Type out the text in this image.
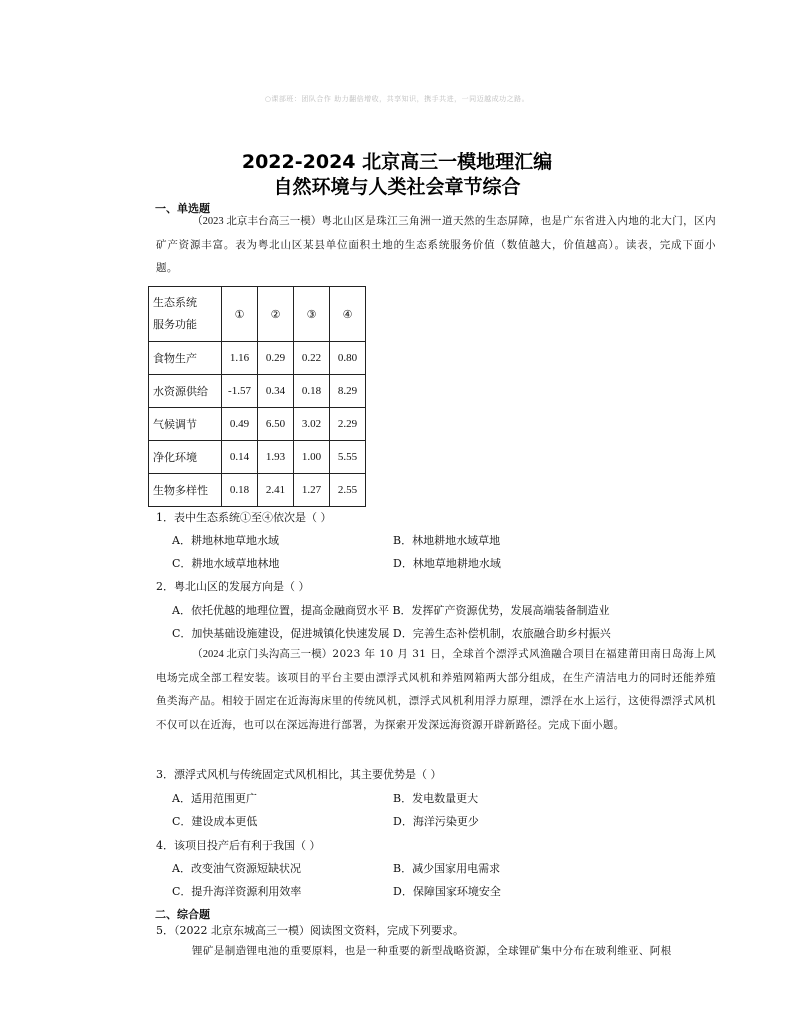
○课部班：团队合作 助力翻倍增收，共享知识，携手共进，一同迈越成功之路。
2022-2024 北京高三一模地理汇编
自然环境与人类社会章节综合
一、单选题
（2023 北京丰台高三一模）粤北山区是珠江三角洲一道天然的生态屏障，也是广东省进入内地的北大门，区内矿产资源丰富。表为粤北山区某县单位面积土地的生态系统服务价值（数值越大，价值越高）。读表，完成下面小题。
生态系统
服务功能	①	②	③	④
食物生产	1.16	0.29	0.22	0.80
水资源供给	-1.57	0.34	0.18	8.29
气候调节	0.49	6.50	3.02	2.29
净化环境	0.14	1.93	1.00	5.55
生物多样性	0.18	2.41	1.27	2.55
1．表中生态系统①至④依次是（ ）
A．耕地林地草地水域	B．林地耕地水域草地
C．耕地水域草地林地	D．林地草地耕地水域
2．粤北山区的发展方向是（ ）
A．依托优越的地理位置，提高金融商贸水平 B．发挥矿产资源优势，发展高端装备制造业
C．加快基础设施建设，促进城镇化快速发展 D．完善生态补偿机制，农旅融合助乡村振兴
（2024 北京门头沟高三一模）2023 年 10 月 31 日，全球首个漂浮式风渔融合项目在福建莆田南日岛海上风电场完成全部工程安装。该项目的平台主要由漂浮式风机和养殖网箱两大部分组成，在生产清洁电力的同时还能养殖鱼类海产品。相较于固定在近海海床里的传统风机，漂浮式风机利用浮力原理，漂浮在水上运行，这使得漂浮式风机不仅可以在近海，也可以在深远海进行部署，为探索开发深远海资源开辟新路径。完成下面小题。
3．漂浮式风机与传统固定式风机相比，其主要优势是（ ）
A．适用范围更广	B．发电数量更大
C．建设成本更低	D．海洋污染更少
4．该项目投产后有利于我国（ ）
A．改变油气资源短缺状况	B．减少国家用电需求
C．提升海洋资源利用效率	D．保障国家环境安全
二、综合题
5．（2022 北京东城高三一模）阅读图文资料，完成下列要求。
锂矿是制造锂电池的重要原料，也是一种重要的新型战略资源，全球锂矿集中分布在玻利维亚、阿根
